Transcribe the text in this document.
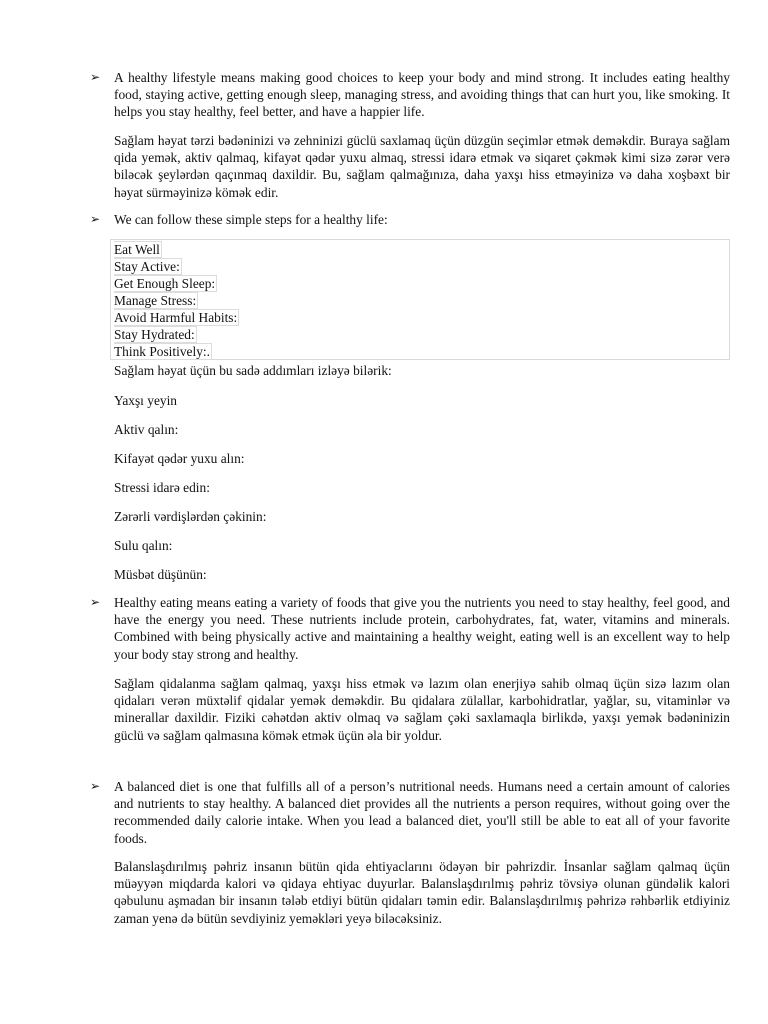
➢ A healthy lifestyle means making good choices to keep your body and mind strong. It includes eating healthy food, staying active, getting enough sleep, managing stress, and avoiding things that can hurt you, like smoking. It helps you stay healthy, feel better, and have a happier life.
Sağlam həyat tərzi bədəninizi və zehninizi güclü saxlamaq üçün düzgün seçimlər etmək deməkdir. Buraya sağlam qida yemək, aktiv qalmaq, kifayət qədər yuxu almaq, stressi idarə etmək və siqaret çəkmək kimi sizə zərər verə biləcək şeylərdən qaçınmaq daxildir. Bu, sağlam qalmağınıza, daha yaxşı hiss etməyinizə və daha xoşbəxt bir həyat sürməyinizə kömək edir.
➢ We can follow these simple steps for a healthy life:
Eat Well
Stay Active:
Get Enough Sleep:
Manage Stress:
Avoid Harmful Habits:
Stay Hydrated:
Think Positively:.
Sağlam həyat üçün bu sadə addımları izləyə bilərik:
Yaxşı yeyin
Aktiv qalın:
Kifayət qədər yuxu alın:
Stressi idarə edin:
Zərərli vərdişlərdən çəkinin:
Sulu qalın:
Müsbət düşünün:
➢ Healthy eating means eating a variety of foods that give you the nutrients you need to stay healthy, feel good, and have the energy you need. These nutrients include protein, carbohydrates, fat, water, vitamins and minerals. Combined with being physically active and maintaining a healthy weight, eating well is an excellent way to help your body stay strong and healthy.
Sağlam qidalanma sağlam qalmaq, yaxşı hiss etmək və lazım olan enerjiyə sahib olmaq üçün sizə lazım olan qidaları verən müxtəlif qidalar yemək deməkdir. Bu qidalara zülallar, karbohidratlar, yağlar, su, vitaminlər və minerallar daxildir. Fiziki cəhətdən aktiv olmaq və sağlam çəki saxlamaqla birlikdə, yaxşı yemək bədəninizin güclü və sağlam qalmasına kömək etmək üçün əla bir yoldur.
➢ A balanced diet is one that fulfills all of a person’s nutritional needs. Humans need a certain amount of calories and nutrients to stay healthy. A balanced diet provides all the nutrients a person requires, without going over the recommended daily calorie intake. When you lead a balanced diet, you'll still be able to eat all of your favorite foods.
Balanslaşdırılmış pəhriz insanın bütün qida ehtiyaclarını ödəyən bir pəhrizdir. İnsanlar sağlam qalmaq üçün müəyyən miqdarda kalori və qidaya ehtiyac duyurlar. Balanslaşdırılmış pəhriz tövsiyə olunan gündəlik kalori qəbulunu aşmadan bir insanın tələb etdiyi bütün qidaları təmin edir. Balanslaşdırılmış pəhrizə rəhbərlik etdiyiniz zaman yenə də bütün sevdiyiniz yeməkləri yeyə biləcəksiniz.
